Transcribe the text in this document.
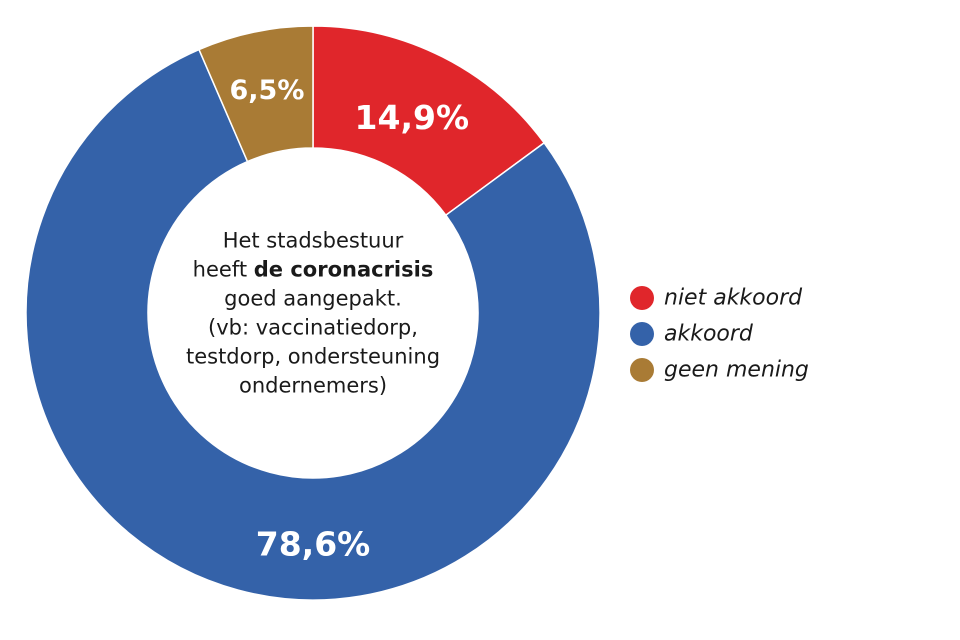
14,9%
78,6%
6,5%
Het stadsbestuur
heeft de coronacrisis
goed aangepakt.
(vb: vaccinatiedorp,
testdorp, ondersteuning
ondernemers)
niet akkoord
akkoord
geen mening
